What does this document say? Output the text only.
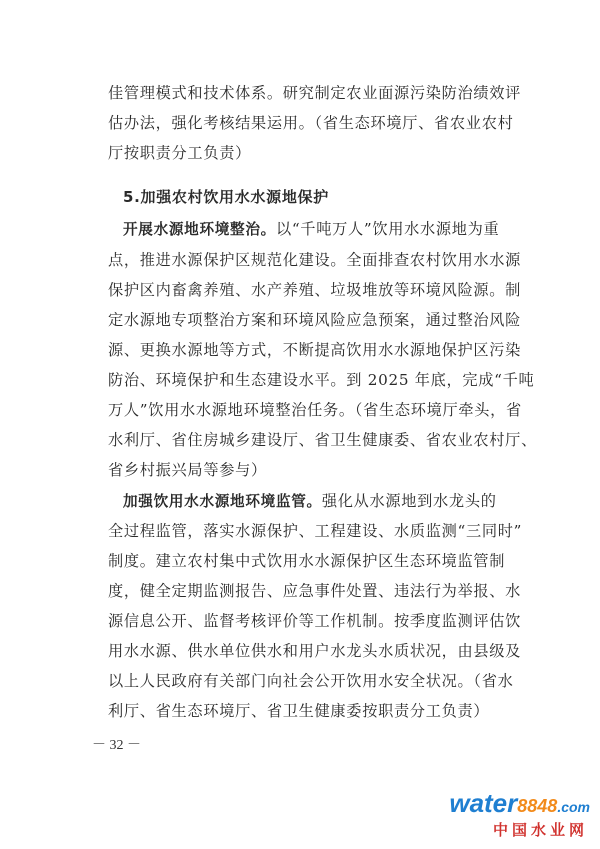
佳管理模式和技术体系。研究制定农业面源污染防治绩效评
估办法，强化考核结果运用。（省生态环境厅、省农业农村
厅按职责分工负责）
5.加强农村饮用水水源地保护
开展水源地环境整治。以“千吨万人”饮用水水源地为重
点，推进水源保护区规范化建设。全面排查农村饮用水水源
保护区内畜禽养殖、水产养殖、垃圾堆放等环境风险源。制
定水源地专项整治方案和环境风险应急预案，通过整治风险
源、更换水源地等方式，不断提高饮用水水源地保护区污染
防治、环境保护和生态建设水平。到 2025 年底，完成“千吨
万人”饮用水水源地环境整治任务。（省生态环境厅牵头，省
水利厅、省住房城乡建设厅、省卫生健康委、省农业农村厅、
省乡村振兴局等参与）
加强饮用水水源地环境监管。强化从水源地到水龙头的
全过程监管，落实水源保护、工程建设、水质监测“三同时”
制度。建立农村集中式饮用水水源保护区生态环境监管制
度，健全定期监测报告、应急事件处置、违法行为举报、水
源信息公开、监督考核评价等工作机制。按季度监测评估饮
用水水源、供水单位供水和用户水龙头水质状况，由县级及
以上人民政府有关部门向社会公开饮用水安全状况。（省水
利厅、省生态环境厅、省卫生健康委按职责分工负责）
－ 32 －
water8848.com
中国水业网
